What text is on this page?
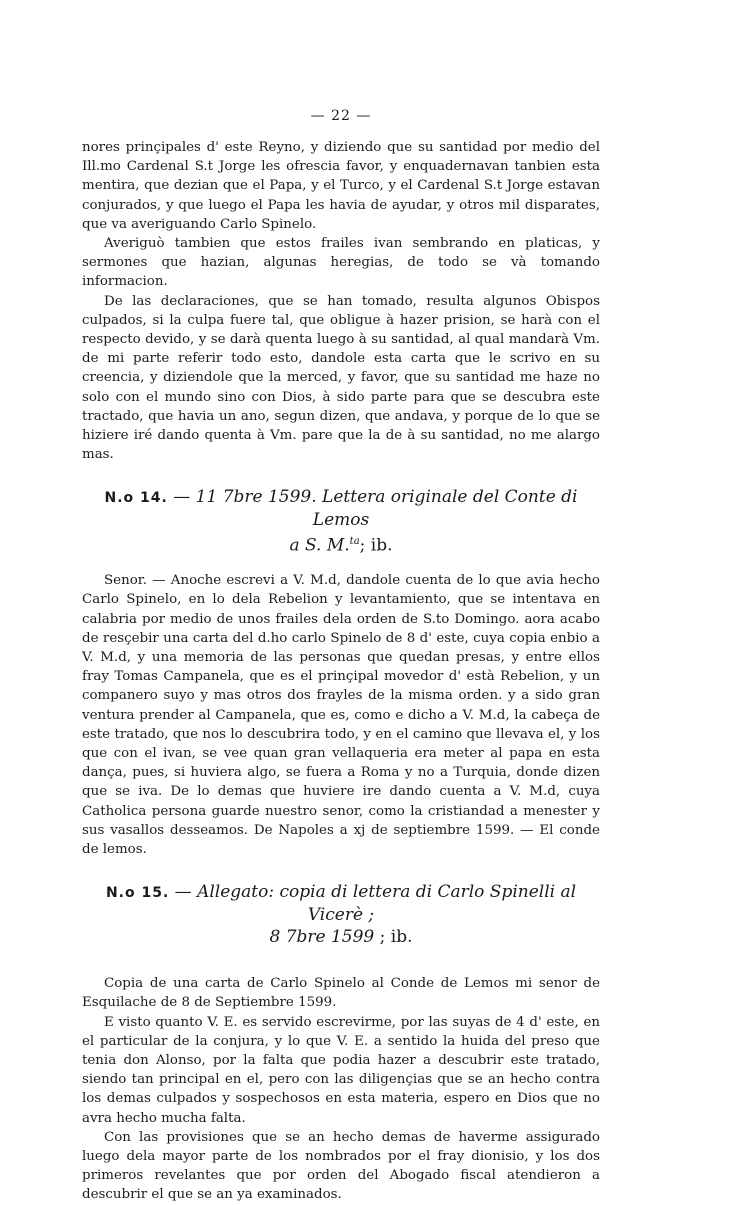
— 22 —

nores prinçipales d' este Reyno, y diziendo que su santidad por medio del Ill.mo Cardenal S.t Jorge les ofrescia favor, y enquadernavan tanbien esta mentira, que dezian que el Papa, y el Turco, y el Cardenal S.t Jorge estavan conjurados, y que luego el Papa les havia de ayudar, y otros mil disparates, que va averiguando Carlo Spinelo.

Averiguò tambien que estos frailes ivan sembrando en platicas, y sermones que hazian, algunas heregias, de todo se và tomando informacion.

De las declaraciones, que se han tomado, resulta algunos Obispos culpados, si la culpa fuere tal, que obligue à hazer prision, se harà con el respecto devido, y se darà quenta luego à su santidad, al qual mandarà Vm. de mi parte referir todo esto, dandole esta carta que le scrivo en su creencia, y diziendole que la merced, y favor, que su santidad me haze no solo con el mundo sino con Dios, à sido parte para que se descubra este tractado, que havia un ano, segun dizen, que andava, y porque de lo que se hiziere iré dando quenta à Vm. pare que la de à su santidad, no me alargo mas.

N.o 14. — 11 7bre 1599. Lettera originale del Conte di Lemos
a S. M.$^{ta}$; ib.

Senor. — Anoche escrevi a V. M.d, dandole cuenta de lo que avia hecho Carlo Spinelo, en lo dela Rebelion y levantamiento, que se intentava en calabria por medio de unos frailes dela orden de S.to Domingo. aora acabo de resçebir una carta del d.ho carlo Spinelo de 8 d' este, cuya copia enbio a V. M.d, y una memoria de las personas que quedan presas, y entre ellos fray Tomas Campanela, que es el prinçipal movedor d' està Rebelion, y un companero suyo y mas otros dos frayles de la misma orden. y a sido gran ventura prender al Campanela, que es, como e dicho a V. M.d, la cabeça de este tratado, que nos lo descubrira todo, y en el camino que llevava el, y los que con el ivan, se vee quan gran vellaqueria era meter al papa en esta dança, pues, si huviera algo, se fuera a Roma y no a Turquia, donde dizen que se iva. De lo demas que huviere ire dando cuenta a V. M.d, cuya Catholica persona guarde nuestro senor, como la cristiandad a menester y sus vasallos desseamos. De Napoles a xj de septiembre 1599. — El conde de lemos.

N.o 15. — Allegato: copia di lettera di Carlo Spinelli al Vicerè ;
8 7bre 1599 ; ib.

Copia de una carta de Carlo Spinelo al Conde de Lemos mi senor de Esquilache de 8 de Septiembre 1599.

E visto quanto V. E. es servido escrevirme, por las suyas de 4 d' este, en el particular de la conjura, y lo que V. E. a sentido la huida del preso que tenia don Alonso, por la falta que podia hazer a descubrir este tratado, siendo tan principal en el, pero con las diligençias que se an hecho contra los demas culpados y sospechosos en esta materia, espero en Dios que no avra hecho mucha falta.

Con las provisiones que se an hecho demas de haverme assigurado luego dela mayor parte de los nombrados por el fray dionisio, y los dos primeros revelantes que por orden del Abogado fiscal atendieron a descubrir el que se an ya examinados.
